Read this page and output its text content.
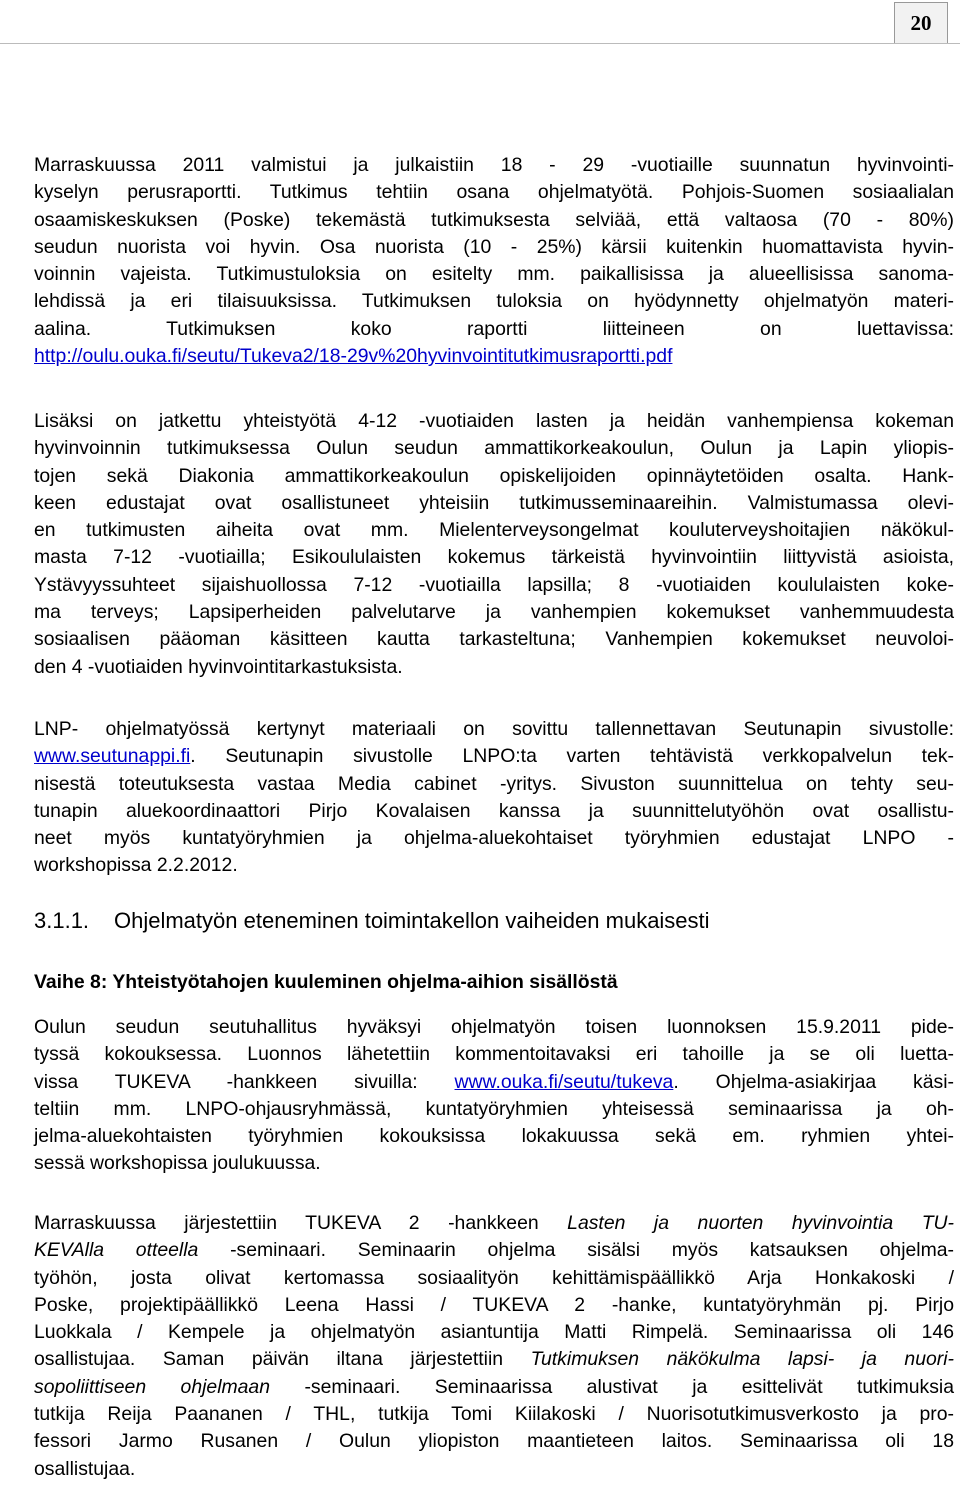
20

Marraskuussa 2011 valmistui ja julkaistiin 18 - 29 -vuotiaille suunnatun hyvinvointi-

kyselyn perusraportti. Tutkimus tehtiin osana ohjelmatyötä. Pohjois-Suomen sosiaalialan

osaamiskeskuksen (Poske) tekemästä tutkimuksesta selviää, että valtaosa (70 - 80%)

seudun nuorista voi hyvin. Osa nuorista (10 - 25%) kärsii kuitenkin huomattavista hyvin-

voinnin vajeista. Tutkimustuloksia on esitelty mm. paikallisissa ja alueellisissa sanoma-

lehdissä ja eri tilaisuuksissa. Tutkimuksen tuloksia on hyödynnetty ohjelmatyön materi-

aalina. Tutkimuksen koko raportti liitteineen on luettavissa:

http://oulu.ouka.fi/seutu/Tukeva2/18-29v%20hyvinvointitutkimusraportti.pdf

Lisäksi on jatkettu yhteistyötä 4-12 -vuotiaiden lasten ja heidän vanhempiensa kokeman

hyvinvoinnin tutkimuksessa Oulun seudun ammattikorkeakoulun, Oulun ja Lapin yliopis-

tojen sekä Diakonia ammattikorkeakoulun opiskelijoiden opinnäytetöiden osalta. Hank-

keen edustajat ovat osallistuneet yhteisiin tutkimusseminaareihin. Valmistumassa olevi-

en tutkimusten aiheita ovat mm. Mielenterveysongelmat kouluterveyshoitajien näkökul-

masta 7-12 -vuotiailla; Esikoululaisten kokemus tärkeistä hyvinvointiin liittyvistä asioista,

Ystävyyssuhteet sijaishuollossa 7-12 -vuotiailla lapsilla; 8 -vuotiaiden koululaisten koke-

ma terveys; Lapsiperheiden palvelutarve ja vanhempien kokemukset vanhemmuudesta

sosiaalisen pääoman käsitteen kautta tarkasteltuna; Vanhempien kokemukset neuvoloi-

den 4 -vuotiaiden hyvinvointitarkastuksista.

LNP- ohjelmatyössä kertynyt materiaali on sovittu tallennettavan Seutunapin sivustolle:

www.seutunappi.fi. Seutunapin sivustolle LNPO:ta varten tehtävistä verkkopalvelun tek-

nisestä toteutuksesta vastaa Media cabinet -yritys. Sivuston suunnittelua on tehty seu-

tunapin aluekoordinaattori Pirjo Kovalaisen kanssa ja suunnittelutyöhön ovat osallistu-

neet myös kuntatyöryhmien ja ohjelma-aluekohtaiset työryhmien edustajat LNPO -

workshopissa 2.2.2012.

3.1.1. Ohjelmatyön eteneminen toimintakellon vaiheiden mukaisesti
Vaihe 8: Yhteistyötahojen kuuleminen ohjelma-aihion sisällöstä

Oulun seudun seutuhallitus hyväksyi ohjelmatyön toisen luonnoksen 15.9.2011 pide-

tyssä kokouksessa. Luonnos lähetettiin kommentoitavaksi eri tahoille ja se oli luetta-

vissa TUKEVA -hankkeen sivuilla: www.ouka.fi/seutu/tukeva. Ohjelma-asiakirjaa käsi-

teltiin mm. LNPO-ohjausryhmässä, kuntatyöryhmien yhteisessä seminaarissa ja oh-

jelma-aluekohtaisten työryhmien kokouksissa lokakuussa sekä em. ryhmien yhtei-

sessä workshopissa joulukuussa.

Marraskuussa järjestettiin TUKEVA 2 -hankkeen Lasten ja nuorten hyvinvointia TU-

KEVAlla otteella -seminaari. Seminaarin ohjelma sisälsi myös katsauksen ohjelma-

työhön, josta olivat kertomassa sosiaalityön kehittämispäällikkö Arja Honkakoski /

Poske, projektipäällikkö Leena Hassi / TUKEVA 2 -hanke, kuntatyöryhmän pj. Pirjo

Luokkala / Kempele ja ohjelmatyön asiantuntija Matti Rimpelä. Seminaarissa oli 146

osallistujaa. Saman päivän iltana järjestettiin Tutkimuksen näkökulma lapsi- ja nuori-

sopoliittiseen ohjelmaan -seminaari. Seminaarissa alustivat ja esittelivät tutkimuksia

tutkija Reija Paananen / THL, tutkija Tomi Kiilakoski / Nuorisotutkimusverkosto ja pro-

fessori Jarmo Rusanen / Oulun yliopiston maantieteen laitos. Seminaarissa oli 18

osallistujaa.
